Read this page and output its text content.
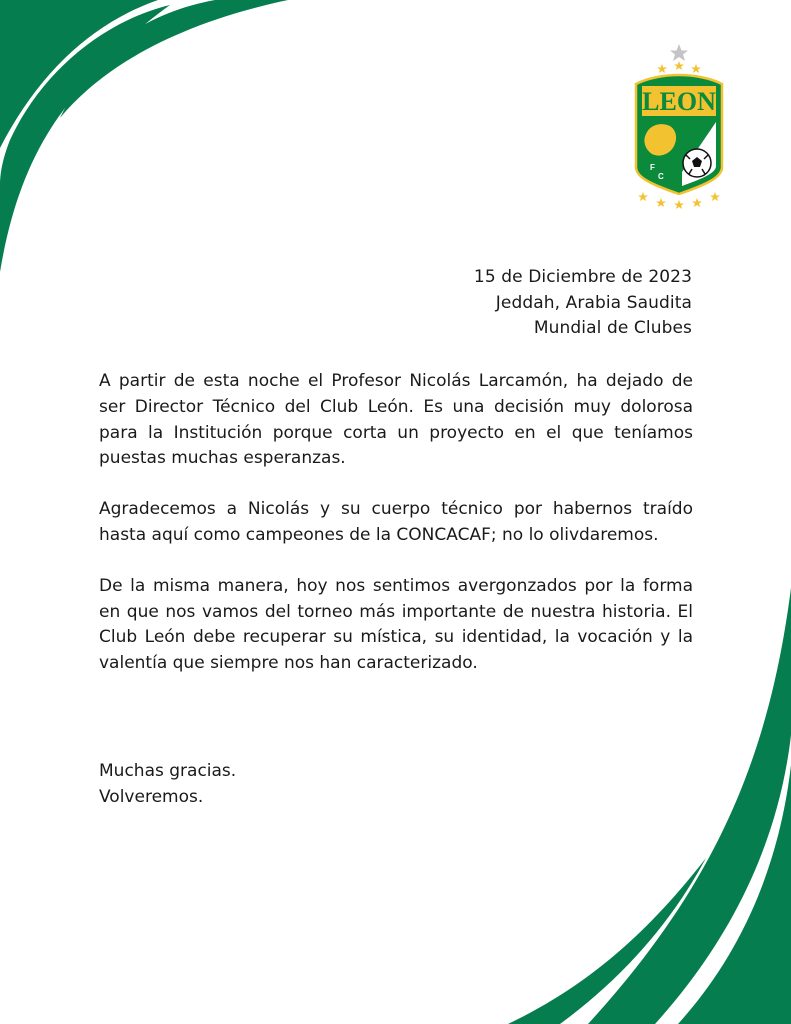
LEON
F
C
15 de Diciembre de 2023
Jeddah, Arabia Saudita
Mundial de Clubes

A partir de esta noche el Profesor Nicolás Larcamón, ha dejado de ser Director Técnico del Club León. Es una decisión muy dolorosa para la Institución porque corta un proyecto en el que teníamos puestas muchas esperanzas.

Agradecemos a Nicolás y su cuerpo técnico por habernos traído hasta aquí como campeones de la CONCACAF; no lo olivdaremos.

De la misma manera, hoy nos sentimos avergonzados por la forma en que nos vamos del torneo más importante de nuestra historia. El Club León debe recuperar su mística, su identidad, la vocación y la valentía que siempre nos han caracterizado.

Muchas gracias.
Volveremos.
